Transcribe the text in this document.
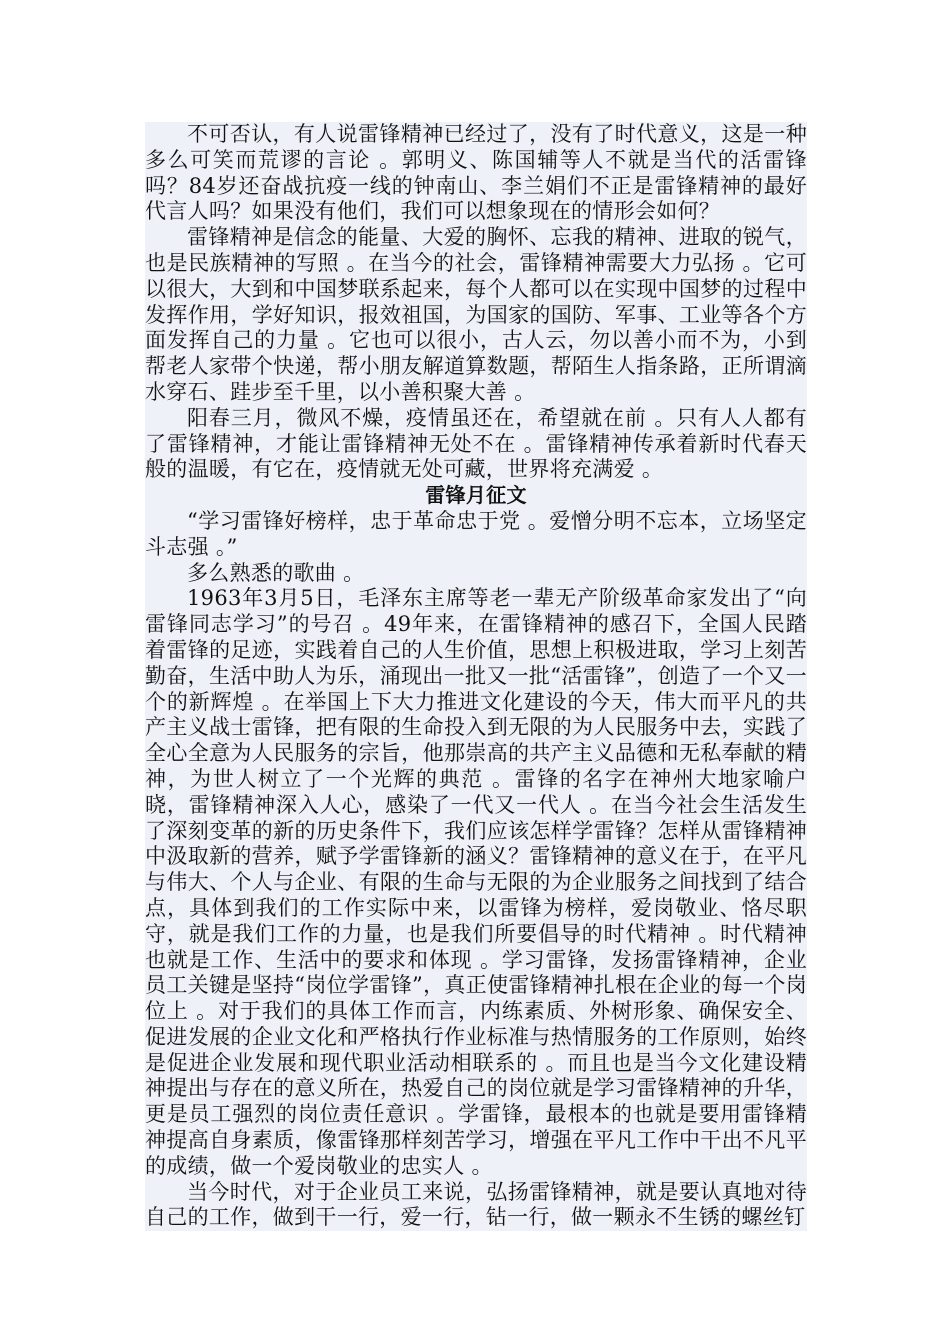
不可否认，有人说雷锋精神已经过了，没有了时代意义，这是一种多么可笑而荒谬的言论 。郭明义、陈国辅等人不就是当代的活雷锋吗？84岁还奋战抗疫一线的钟南山、李兰娟们不正是雷锋精神的最好代言人吗？如果没有他们，我们可以想象现在的情形会如何？

雷锋精神是信念的能量、大爱的胸怀、忘我的精神、进取的锐气，也是民族精神的写照 。在当今的社会，雷锋精神需要大力弘扬 。它可以很大，大到和中国梦联系起来，每个人都可以在实现中国梦的过程中发挥作用，学好知识，报效祖国，为国家的国防、军事、工业等各个方面发挥自己的力量 。它也可以很小，古人云，勿以善小而不为，小到帮老人家带个快递，帮小朋友解道算数题，帮陌生人指条路，正所谓滴水穿石、跬步至千里，以小善积聚大善 。

阳春三月，微风不燥，疫情虽还在，希望就在前 。只有人人都有了雷锋精神，才能让雷锋精神无处不在 。雷锋精神传承着新时代春天般的温暖，有它在，疫情就无处可藏，世界将充满爱 。

雷锋月征文

“学习雷锋好榜样，忠于革命忠于党 。爱憎分明不忘本，立场坚定斗志强 。”

多么熟悉的歌曲 。

1963年3月5日，毛泽东主席等老一辈无产阶级革命家发出了“向雷锋同志学习”的号召 。49年来，在雷锋精神的感召下，全国人民踏着雷锋的足迹，实践着自己的人生价值，思想上积极进取，学习上刻苦勤奋，生活中助人为乐，涌现出一批又一批“活雷锋”，创造了一个又一个的新辉煌 。在举国上下大力推进文化建设的今天，伟大而平凡的共产主义战士雷锋，把有限的生命投入到无限的为人民服务中去，实践了全心全意为人民服务的宗旨，他那崇高的共产主义品德和无私奉献的精神，为世人树立了一个光辉的典范 。雷锋的名字在神州大地家喻户晓，雷锋精神深入人心，感染了一代又一代人 。在当今社会生活发生了深刻变革的新的历史条件下，我们应该怎样学雷锋？怎样从雷锋精神中汲取新的营养，赋予学雷锋新的涵义？雷锋精神的意义在于，在平凡与伟大、个人与企业、有限的生命与无限的为企业服务之间找到了结合点，具体到我们的工作实际中来，以雷锋为榜样，爱岗敬业、恪尽职守，就是我们工作的力量，也是我们所要倡导的时代精神 。时代精神也就是工作、生活中的要求和体现 。学习雷锋，发扬雷锋精神，企业员工关键是坚持“岗位学雷锋”，真正使雷锋精神扎根在企业的每一个岗位上 。对于我们的具体工作而言，内练素质、外树形象、确保安全、促进发展的企业文化和严格执行作业标准与热情服务的工作原则，始终是促进企业发展和现代职业活动相联系的 。而且也是当今文化建设精神提出与存在的意义所在，热爱自己的岗位就是学习雷锋精神的升华，更是员工强烈的岗位责任意识 。学雷锋，最根本的也就是要用雷锋精神提高自身素质，像雷锋那样刻苦学习，增强在平凡工作中干出不凡平的成绩，做一个爱岗敬业的忠实人 。

当今时代，对于企业员工来说，弘扬雷锋精神，就是要认真地对待自己的工作，做到干一行，爱一行，钻一行，做一颗永不生锈的螺丝钉
